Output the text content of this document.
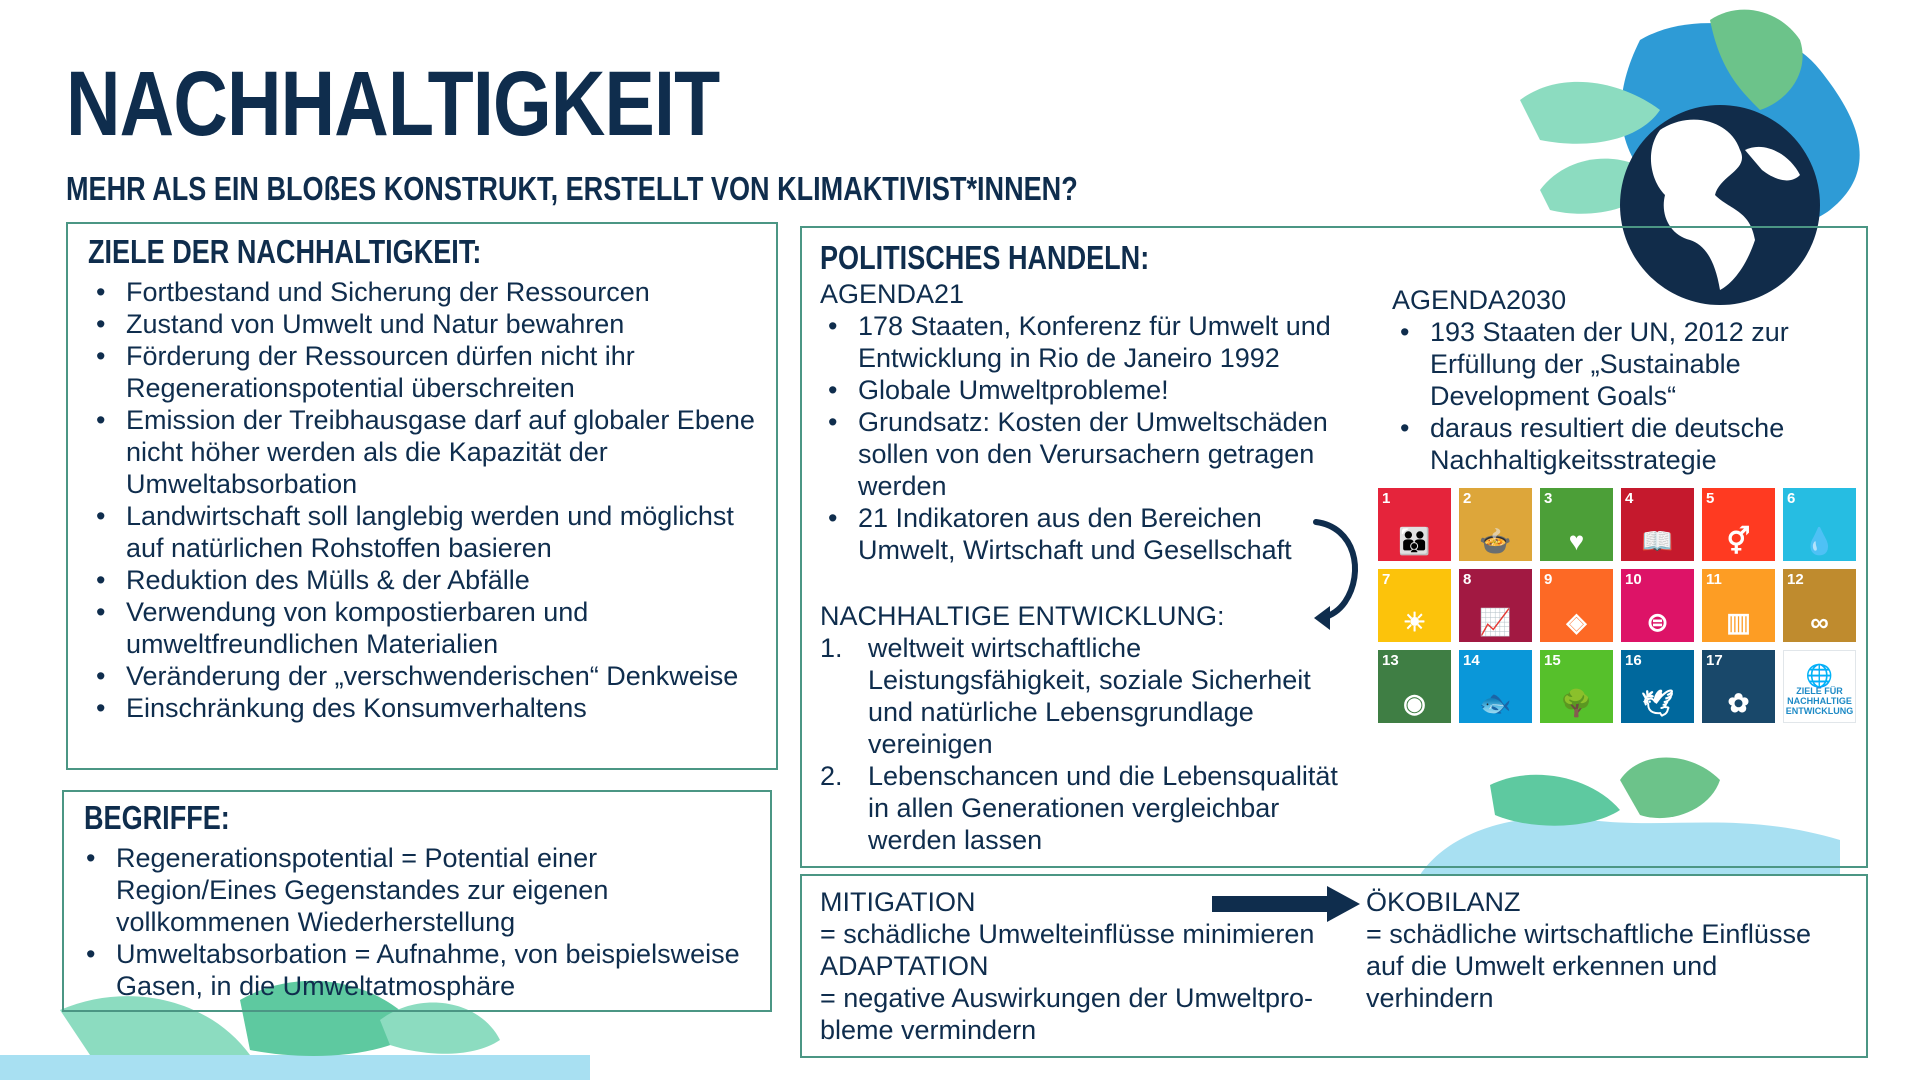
NACHHALTIGKEIT
MEHR ALS EIN BLOßES KONSTRUKT, ERSTELLT VON KLIMAKTIVIST*INNEN?
ZIELE DER NACHHALTIGKEIT:
• Fortbestand und Sicherung der Ressourcen
• Zustand von Umwelt und Natur bewahren
• Förderung der Ressourcen dürfen nicht ihr Regenerationspotential überschreiten
• Emission der Treibhausgase darf auf globaler Ebene nicht höher werden als die Kapazität der Umweltabsorbation
• Landwirtschaft soll langlebig werden und möglichst auf natürlichen Rohstoffen basieren
• Reduktion des Mülls & der Abfälle
• Verwendung von kompostierbaren und umweltfreundlichen Materialien
• Veränderung der „verschwenderischen“ Denkweise
• Einschränkung des Konsumverhaltens
BEGRIFFE:
• Regenerationspotential = Potential einer Region/Eines Gegenstandes zur eigenen vollkommenen Wiederherstellung
• Umweltabsorbation = Aufnahme, von beispielsweise Gasen, in die Umweltatmosphäre
POLITISCHES HANDELN:
AGENDA21
• 178 Staaten, Konferenz für Umwelt und Entwicklung in Rio de Janeiro 1992
• Globale Umweltprobleme!
• Grundsatz: Kosten der Umweltschäden sollen von den Verursachern getragen werden
• 21 Indikatoren aus den Bereichen Umwelt, Wirtschaft und Gesellschaft
NACHHALTIGE ENTWICKLUNG:
1. weltweit wirtschaftliche Leistungsfähigkeit, soziale Sicherheit und natürliche Lebensgrundlage vereinigen
2. Lebenschancen und die Lebensqualität in allen Generationen vergleichbar werden lassen
AGENDA2030
• 193 Staaten der UN, 2012 zur Erfüllung der „Sustainable Development Goals“
• daraus resultiert die deutsche Nachhaltigkeitsstrategie
1
👪
2
🍲
3
♥
4
📖
5
⚥
6
💧
7
☀
8
📈
9
◈
10
⊜
11
▥
12
∞
13
◉
14
🐟
15
🌳
16
🕊
17
✿
🌐
ZIELE FÜR NACHHALTIGE ENTWICKLUNG
MITIGATION
= schädliche Umwelteinflüsse minimieren
ADAPTATION
= negative Auswirkungen der Umweltpro-bleme vermindern
ÖKOBILANZ
= schädliche wirtschaftliche Einflüsse auf die Umwelt erkennen und verhindern
